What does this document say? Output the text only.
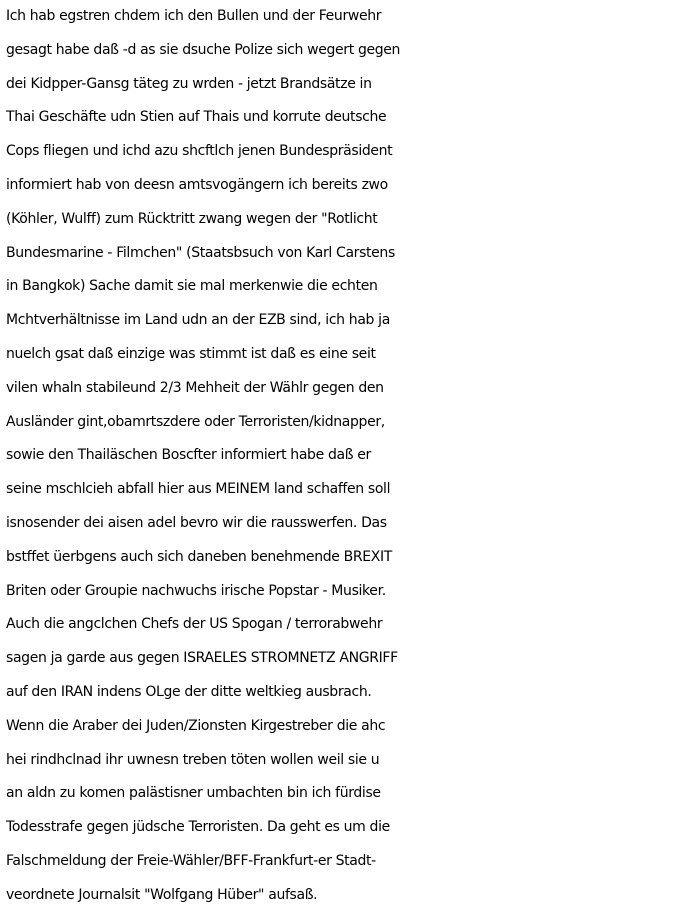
Ich hab egstren chdem ich den Bullen und der Feurwehr
gesagt habe daß -d as sie dsuche Polize sich wegert gegen
dei Kidpper-Gansg täteg zu wrden - jetzt Brandsätze in
Thai Geschäfte udn Stien auf Thais und korrute deutsche
Cops fliegen und ichd azu shcftlch jenen Bundespräsident
informiert hab von deesn amtsvogängern ich bereits zwo
(Köhler, Wulff) zum Rücktritt zwang wegen der "Rotlicht
Bundesmarine - Filmchen" (Staatsbsuch von Karl Carstens
in Bangkok) Sache damit sie mal merkenwie die echten
Mchtverhältnisse im Land udn an der EZB sind, ich hab ja
nuelch gsat daß einzige was stimmt ist daß es eine seit
vilen whaln stabileund 2/3 Mehheit der Wählr gegen den
Ausländer gint,obamrtszdere oder Terroristen/kidnapper,
sowie den Thailäschen Boscfter informiert habe daß er
seine mschlcieh abfall hier aus MEINEM land schaffen soll
isnosender dei aisen adel bevro wir die rausswerfen. Das
bstffet üerbgens auch sich daneben benehmende BREXIT
Briten oder Groupie nachwuchs irische Popstar - Musiker.
Auch die angclchen Chefs der US Spogan / terrorabwehr
sagen ja garde aus gegen ISRAELES STROMNETZ ANGRIFF
auf den IRAN indens OLge der ditte weltkieg ausbrach.
Wenn die Araber dei Juden/Zionsten Kirgestreber die ahc
hei rindhclnad ihr uwnesn treben töten wollen weil sie u
an aldn zu komen palästisner umbachten bin ich fürdise
Todesstrafe gegen jüdsche Terroristen. Da geht es um die
Falschmeldung der Freie-Wähler/BFF-Frankfurt-er Stadt-
veordnete Journalsit "Wolfgang Hüber" aufsaß.
